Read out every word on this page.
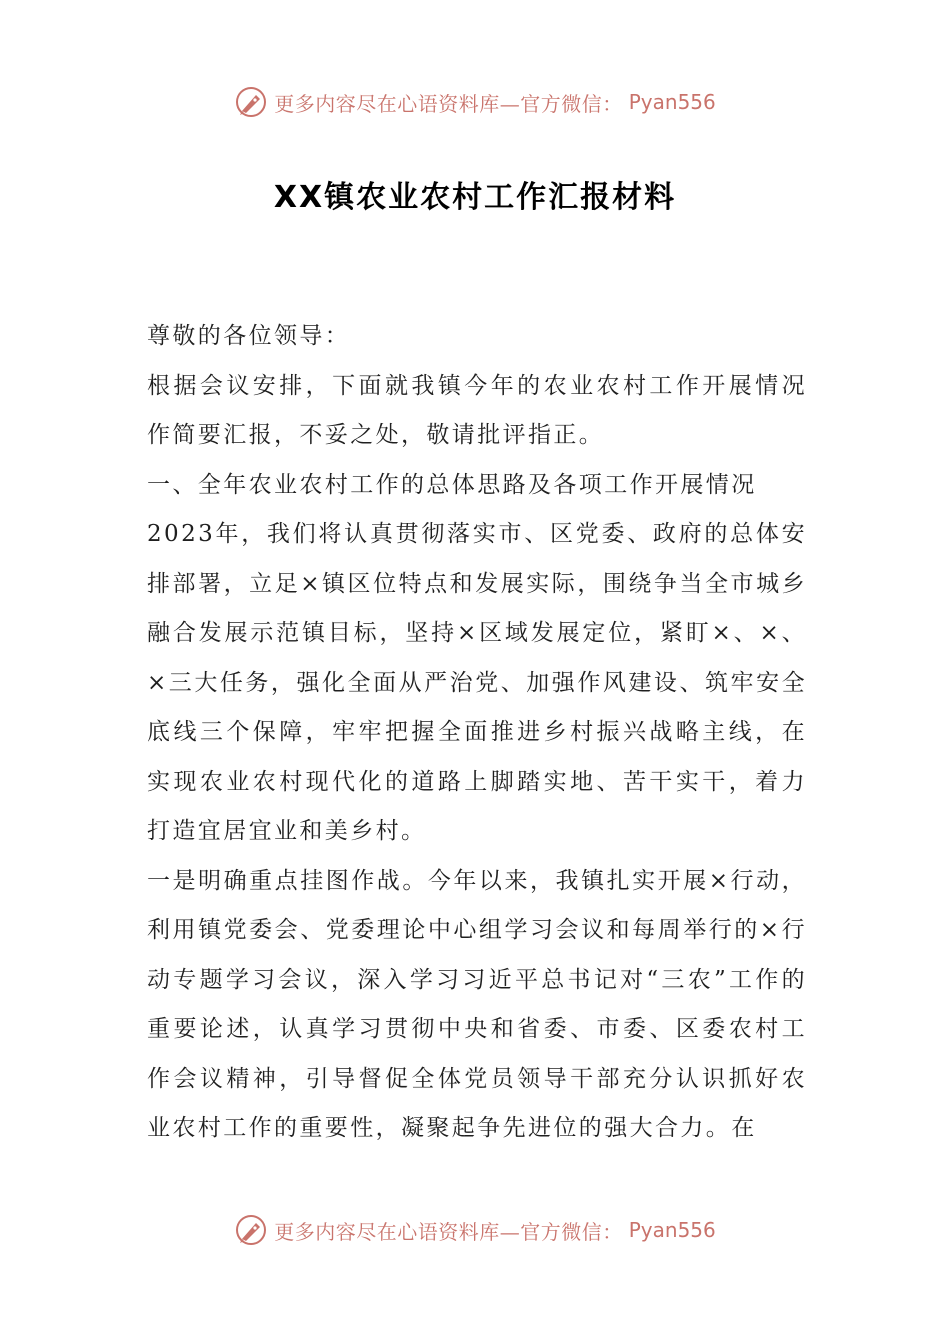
更多内容尽在心语资料库—官方微信： Pyan556
XX镇农业农村工作汇报材料

尊敬的各位领导：

根据会议安排，下面就我镇今年的农业农村工作开展情况作简要汇报，不妥之处，敬请批评指正。

一、全年农业农村工作的总体思路及各项工作开展情况

2023年，我们将认真贯彻落实市、区党委、政府的总体安排部署，立足×镇区位特点和发展实际，围绕争当全市城乡融合发展示范镇目标，坚持×区域发展定位，紧盯×、×、×三大任务，强化全面从严治党、加强作风建设、筑牢安全底线三个保障，牢牢把握全面推进乡村振兴战略主线，在实现农业农村现代化的道路上脚踏实地、苦干实干，着力打造宜居宜业和美乡村。

一是明确重点挂图作战。今年以来，我镇扎实开展×行动，利用镇党委会、党委理论中心组学习会议和每周举行的×行动专题学习会议，深入学习习近平总书记对“三农”工作的重要论述，认真学习贯彻中央和省委、市委、区委农村工作会议精神，引导督促全体党员领导干部充分认识抓好农业农村工作的重要性，凝聚起争先进位的强大合力。在

更多内容尽在心语资料库—官方微信： Pyan556
